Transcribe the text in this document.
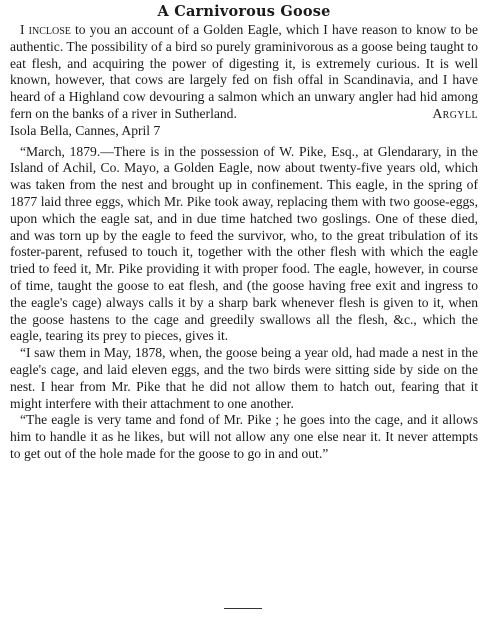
A Carnivorous Goose

I inclose to you an account of a Golden Eagle, which I have reason to know to be authentic. The possibility of a bird so purely graminivorous as a goose being taught to eat flesh, and acquiring the power of digesting it, is extremely curious. It is well known, however, that cows are largely fed on fish offal in Scandinavia, and I have heard of a Highland cow devouring a salmon which an unwary angler had hid among fern on the banks of a river in Sutherland.	Argyll

Isola Bella, Cannes, April 7

“March, 1879.—There is in the possession of W. Pike, Esq., at Glendarary, in the Island of Achil, Co. Mayo, a Golden Eagle, now about twenty-five years old, which was taken from the nest and brought up in confinement. This eagle, in the spring of 1877 laid three eggs, which Mr. Pike took away, replacing them with two goose-eggs, upon which the eagle sat, and in due time hatched two goslings. One of these died, and was torn up by the eagle to feed the survivor, who, to the great tribulation of its foster-parent, refused to touch it, together with the other flesh with which the eagle tried to feed it, Mr. Pike providing it with proper food. The eagle, however, in course of time, taught the goose to eat flesh, and (the goose having free exit and ingress to the eagle's cage) always calls it by a sharp bark whenever flesh is given to it, when the goose hastens to the cage and greedily swallows all the flesh, &c., which the eagle, tearing its prey to pieces, gives it.

“I saw them in May, 1878, when, the goose being a year old, had made a nest in the eagle's cage, and laid eleven eggs, and the two birds were sitting side by side on the nest. I hear from Mr. Pike that he did not allow them to hatch out, fearing that it might interfere with their attachment to one another.

“The eagle is very tame and fond of Mr. Pike ; he goes into the cage, and it allows him to handle it as he likes, but will not allow any one else near it. It never attempts to get out of the hole made for the goose to go in and out.”
